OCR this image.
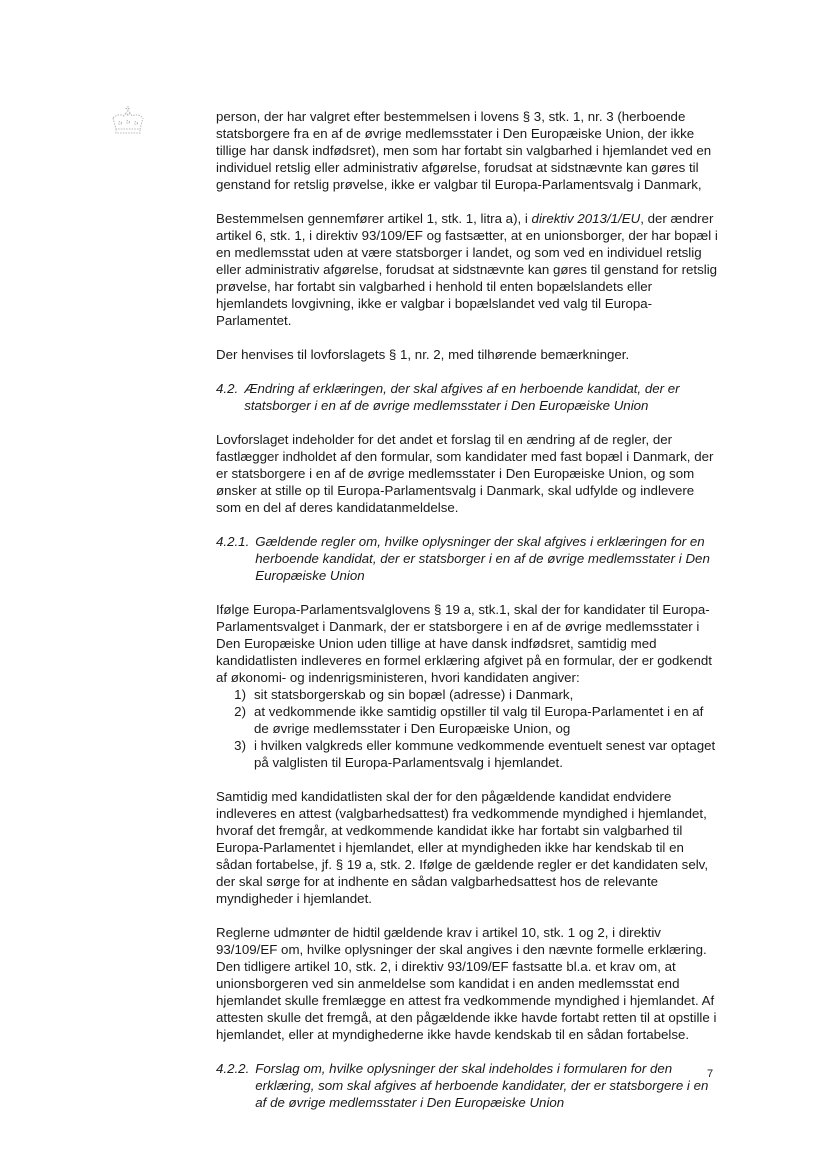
person, der har valgret efter bestemmelsen i lovens § 3, stk. 1, nr. 3 (herboende statsborgere fra en af de øvrige medlemsstater i Den Europæiske Union, der ikke tillige har dansk indfødsret), men som har fortabt sin valgbarhed i hjemlandet ved en individuel retslig eller administrativ afgørelse, forudsat at sidstnævnte kan gøres til genstand for retslig prøvelse, ikke er valgbar til Europa-Parlamentsvalg i Danmark,

Bestemmelsen gennemfører artikel 1, stk. 1, litra a), i direktiv 2013/1/EU, der ændrer artikel 6, stk. 1, i direktiv 93/109/EF og fastsætter, at en unionsborger, der har bopæl i en medlemsstat uden at være statsborger i landet, og som ved en individuel retslig eller administrativ afgørelse, forudsat at sidstnævnte kan gøres til genstand for retslig prøvelse, har fortabt sin valgbarhed i henhold til enten bopælslandets eller hjemlandets lovgivning, ikke er valgbar i bopælslandet ved valg til Europa-Parlamentet.

Der henvises til lovforslagets § 1, nr. 2, med tilhørende bemærkninger.

4.2. Ændring af erklæringen, der skal afgives af en herboende kandidat, der er statsborger i en af de øvrige medlemsstater i Den Europæiske Union

Lovforslaget indeholder for det andet et forslag til en ændring af de regler, der fastlægger indholdet af den formular, som kandidater med fast bopæl i Danmark, der er statsborgere i en af de øvrige medlemsstater i Den Europæiske Union, og som ønsker at stille op til Europa-Parlamentsvalg i Danmark, skal udfylde og indlevere som en del af deres kandidatanmeldelse.

4.2.1. Gældende regler om, hvilke oplysninger der skal afgives i erklæringen for en herboende kandidat, der er statsborger i en af de øvrige medlemsstater i Den Europæiske Union

Ifølge Europa-Parlamentsvalglovens § 19 a, stk.1, skal der for kandidater til Europa-Parlamentsvalget i Danmark, der er statsborgere i en af de øvrige medlemsstater i Den Europæiske Union uden tillige at have dansk indfødsret, samtidig med kandidatlisten indleveres en formel erklæring afgivet på en formular, der er godkendt af økonomi- og indenrigsministeren, hvori kandidaten angiver:

1) sit statsborgerskab og sin bopæl (adresse) i Danmark,
2) at vedkommende ikke samtidig opstiller til valg til Europa-Parlamentet i en af de øvrige medlemsstater i Den Europæiske Union, og
3) i hvilken valgkreds eller kommune vedkommende eventuelt senest var optaget på valglisten til Europa-Parlamentsvalg i hjemlandet.

Samtidig med kandidatlisten skal der for den pågældende kandidat endvidere indleveres en attest (valgbarhedsattest) fra vedkommende myndighed i hjemlandet, hvoraf det fremgår, at vedkommende kandidat ikke har fortabt sin valgbarhed til Europa-Parlamentet i hjemlandet, eller at myndigheden ikke har kendskab til en sådan fortabelse, jf. § 19 a, stk. 2. Ifølge de gældende regler er det kandidaten selv, der skal sørge for at indhente en sådan valgbarhedsattest hos de relevante myndigheder i hjemlandet.

Reglerne udmønter de hidtil gældende krav i artikel 10, stk. 1 og 2, i direktiv 93/109/EF om, hvilke oplysninger der skal angives i den nævnte formelle erklæring. Den tidligere artikel 10, stk. 2, i direktiv 93/109/EF fastsatte bl.a. et krav om, at unionsborgeren ved sin anmeldelse som kandidat i en anden medlemsstat end hjemlandet skulle fremlægge en attest fra vedkommende myndighed i hjemlandet. Af attesten skulle det fremgå, at den pågældende ikke havde fortabt retten til at opstille i hjemlandet, eller at myndighederne ikke havde kendskab til en sådan fortabelse.

4.2.2. Forslag om, hvilke oplysninger der skal indeholdes i formularen for den erklæring, som skal afgives af herboende kandidater, der er statsborgere i en af de øvrige medlemsstater i Den Europæiske Union
7
